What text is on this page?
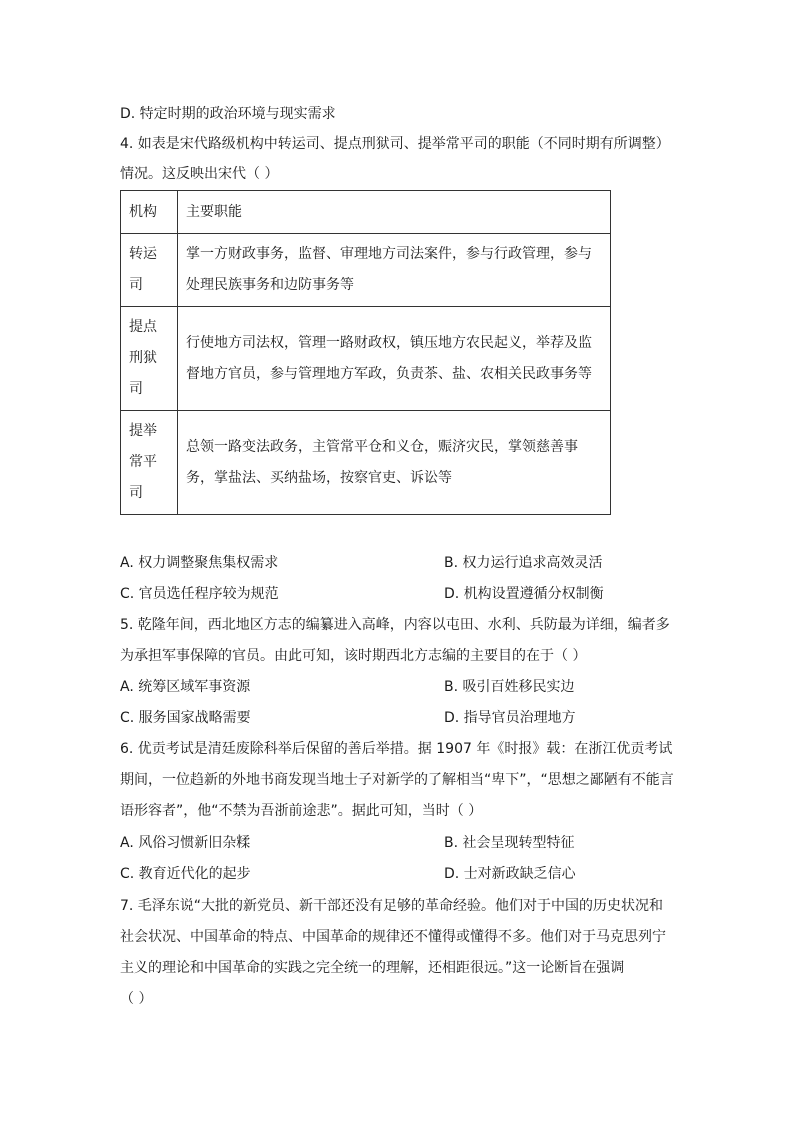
D. 特定时期的政治环境与现实需求
4. 如表是宋代路级机构中转运司、提点刑狱司、提举常平司的职能（不同时期有所调整）
情况。这反映出宋代（ ）
机构	主要职能

转运
司	掌一方财政事务，监督、审理地方司法案件，参与行政管理，参与
处理民族事务和边防事务等

提点
刑狱
司	行使地方司法权，管理一路财政权，镇压地方农民起义，举荐及监
督地方官员，参与管理地方军政，负责茶、盐、农相关民政事务等

提举
常平
司	总领一路变法政务，主管常平仓和义仓，赈济灾民，掌领慈善事
务，掌盐法、买纳盐场，按察官吏、诉讼等
A. 权力调整聚焦集权需求	B. 权力运行追求高效灵活
C. 官员选任程序较为规范	D. 机构设置遵循分权制衡
5. 乾隆年间，西北地区方志的编纂进入高峰，内容以屯田、水利、兵防最为详细，编者多
为承担军事保障的官员。由此可知，该时期西北方志编的主要目的在于（ ）
A. 统筹区域军事资源	B. 吸引百姓移民实边
C. 服务国家战略需要	D. 指导官员治理地方
6. 优贡考试是清廷废除科举后保留的善后举措。据 1907 年《时报》载：在浙江优贡考试
期间，一位趋新的外地书商发现当地士子对新学的了解相当“卑下”，“思想之鄙陋有不能言
语形容者”，他“不禁为吾浙前途悲”。据此可知，当时（ ）
A. 风俗习惯新旧杂糅	B. 社会呈现转型特征
C. 教育近代化的起步	D. 士对新政缺乏信心
7. 毛泽东说“大批的新党员、新干部还没有足够的革命经验。他们对于中国的历史状况和
社会状况、中国革命的特点、中国革命的规律还不懂得或懂得不多。他们对于马克思列宁
主义的理论和中国革命的实践之完全统一的理解，还相距很远。”这一论断旨在强调
（ ）
